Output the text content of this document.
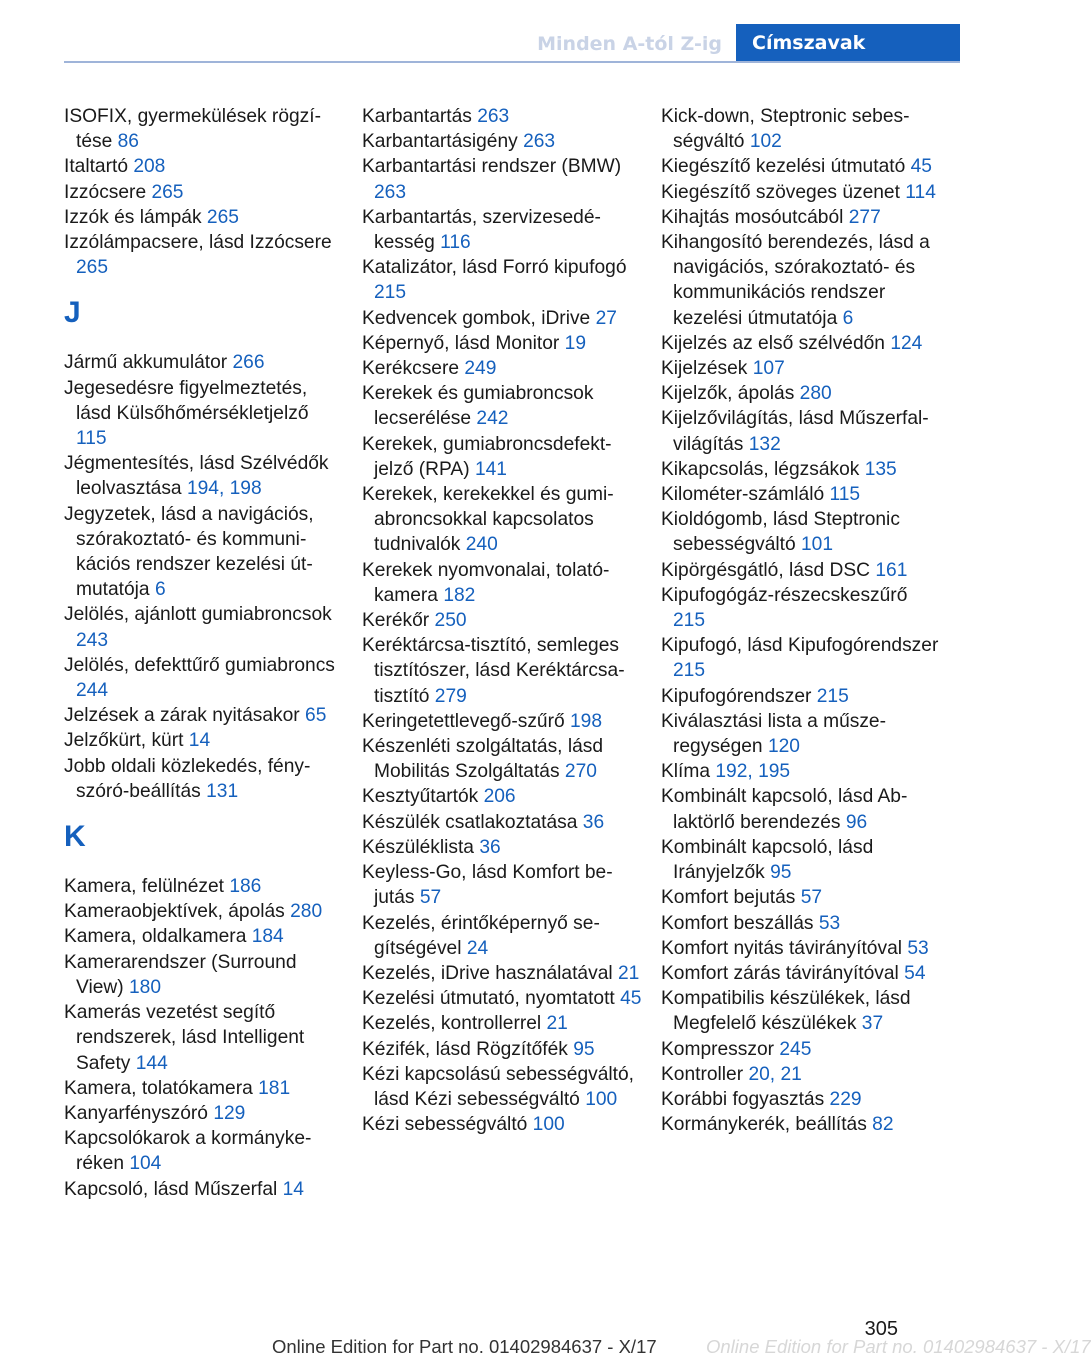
Minden A-tól Z-ig	Címszavak

ISOFIX, gyermekülések rögzítése 86

Italtartó 208

Izzócsere 265

Izzók és lámpák 265

Izzólámpacsere, lásd Izzócsere 265

J

Jármű akkumulátor 266

Jegesedésre figyelmeztetés, lásd Külsőhőmérsékletjelző 115

Jégmentesítés, lásd Szélvédők leolvasztása 194, 198

Jegyzetek, lásd a navigációs, szórakoztató- és kommunikációs rendszer kezelési útmutatója 6

Jelölés, ajánlott gumiabroncsok 243

Jelölés, defekttűrő gumiabroncs 244

Jelzések a zárak nyitásakor 65

Jelzőkürt, kürt 14

Jobb oldali közlekedés, fényszóró-beállítás 131

K

Kamera, felülnézet 186

Kameraobjektívek, ápolás 280

Kamera, oldalkamera 184

Kamerarendszer (Surround View) 180

Kamerás vezetést segítő rendszerek, lásd Intelligent Safety 144

Kamera, tolatókamera 181

Kanyarfényszóró 129

Kapcsolókarok a kormánykeréken 104

Kapcsoló, lásd Műszerfal 14

Karbantartás 263

Karbantartásigény 263

Karbantartási rendszer (BMW) 263

Karbantartás, szervizesedékesség 116

Katalizátor, lásd Forró kipufogó 215

Kedvencek gombok, iDrive 27

Képernyő, lásd Monitor 19

Kerékcsere 249

Kerekek és gumiabroncsok lecserélése 242

Kerekek, gumiabroncsdefektjelző (RPA) 141

Kerekek, kerekekkel és gumiabroncsokkal kapcsolatos tudnivalók 240

Kerekek nyomvonalai, tolatókamera 182

Kerékőr 250

Keréktárcsa-tisztító, semleges tisztítószer, lásd Keréktárcsa-tisztító 279

Keringetettlevegő-szűrő 198

Készenléti szolgáltatás, lásd Mobilitás Szolgáltatás 270

Kesztyűtartók 206

Készülék csatlakoztatása 36

Készüléklista 36

Keyless-Go, lásd Komfort bejutás 57

Kezelés, érintőképernyő segítségével 24

Kezelés, iDrive használatával 21

Kezelési útmutató, nyomtatott 45

Kezelés, kontrollerrel 21

Kézifék, lásd Rögzítőfék 95

Kézi kapcsolású sebességváltó, lásd Kézi sebességváltó 100

Kézi sebességváltó 100

Kick-down, Steptronic sebességváltó 102

Kiegészítő kezelési útmutató 45

Kiegészítő szöveges üzenet 114

Kihajtás mosóutcából 277

Kihangosító berendezés, lásd a navigációs, szórakoztató- és kommunikációs rendszer kezelési útmutatója 6

Kijelzés az első szélvédőn 124

Kijelzések 107

Kijelzők, ápolás 280

Kijelzővilágítás, lásd Műszerfal-világítás 132

Kikapcsolás, légzsákok 135

Kilométer-számláló 115

Kioldógomb, lásd Steptronic sebességváltó 101

Kipörgésgátló, lásd DSC 161

Kipufogógáz-részecskeszűrő 215

Kipufogó, lásd Kipufogórendszer 215

Kipufogórendszer 215

Kiválasztási lista a műszeregységen 120

Klíma 192, 195

Kombinált kapcsoló, lásd Ablaktörlő berendezés 96

Kombinált kapcsoló, lásd Irányjelzők 95

Komfort bejutás 57

Komfort beszállás 53

Komfort nyitás távirányítóval 53

Komfort zárás távirányítóval 54

Kompatibilis készülékek, lásd Megfelelő készülékek 37

Kompresszor 245

Kontroller 20, 21

Korábbi fogyasztás 229

Kormánykerék, beállítás 82

305
Online Edition for Part no. 01402984637 - X/17
Online Edition for Part no. 01402984637 - X/17
